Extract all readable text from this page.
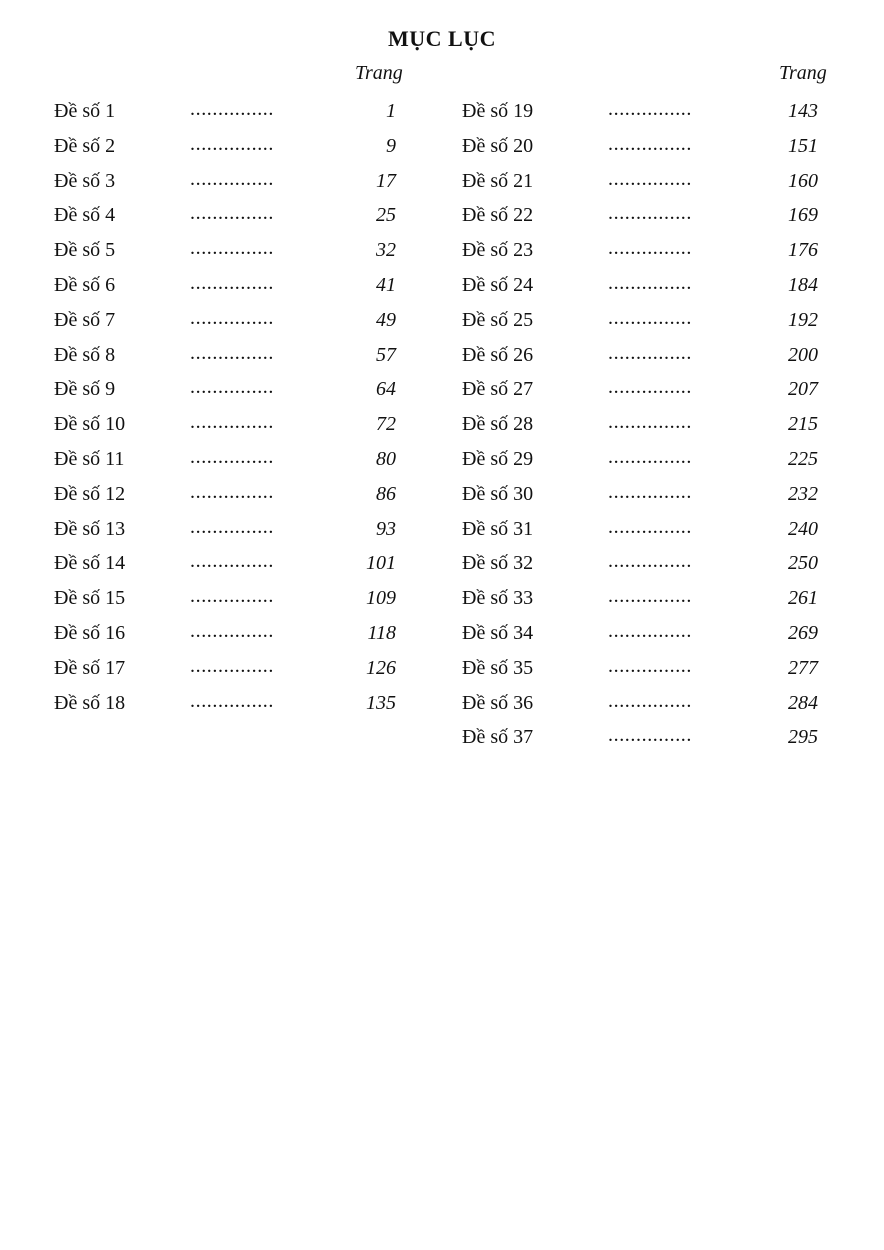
MỤC LỤC
Trang	Trang
Đề số 1	...............	1
Đề số 2	...............	9
Đề số 3	...............	17
Đề số 4	...............	25
Đề số 5	...............	32
Đề số 6	...............	41
Đề số 7	...............	49
Đề số 8	...............	57
Đề số 9	...............	64
Đề số 10	...............	72
Đề số 11	...............	80
Đề số 12	...............	86
Đề số 13	...............	93
Đề số 14	...............	101
Đề số 15	...............	109
Đề số 16	...............	118
Đề số 17	...............	126
Đề số 18	...............	135
Đề số 19	...............	143
Đề số 20	...............	151
Đề số 21	...............	160
Đề số 22	...............	169
Đề số 23	...............	176
Đề số 24	...............	184
Đề số 25	...............	192
Đề số 26	...............	200
Đề số 27	...............	207
Đề số 28	...............	215
Đề số 29	...............	225
Đề số 30	...............	232
Đề số 31	...............	240
Đề số 32	...............	250
Đề số 33	...............	261
Đề số 34	...............	269
Đề số 35	...............	277
Đề số 36	...............	284
Đề số 37	...............	295
